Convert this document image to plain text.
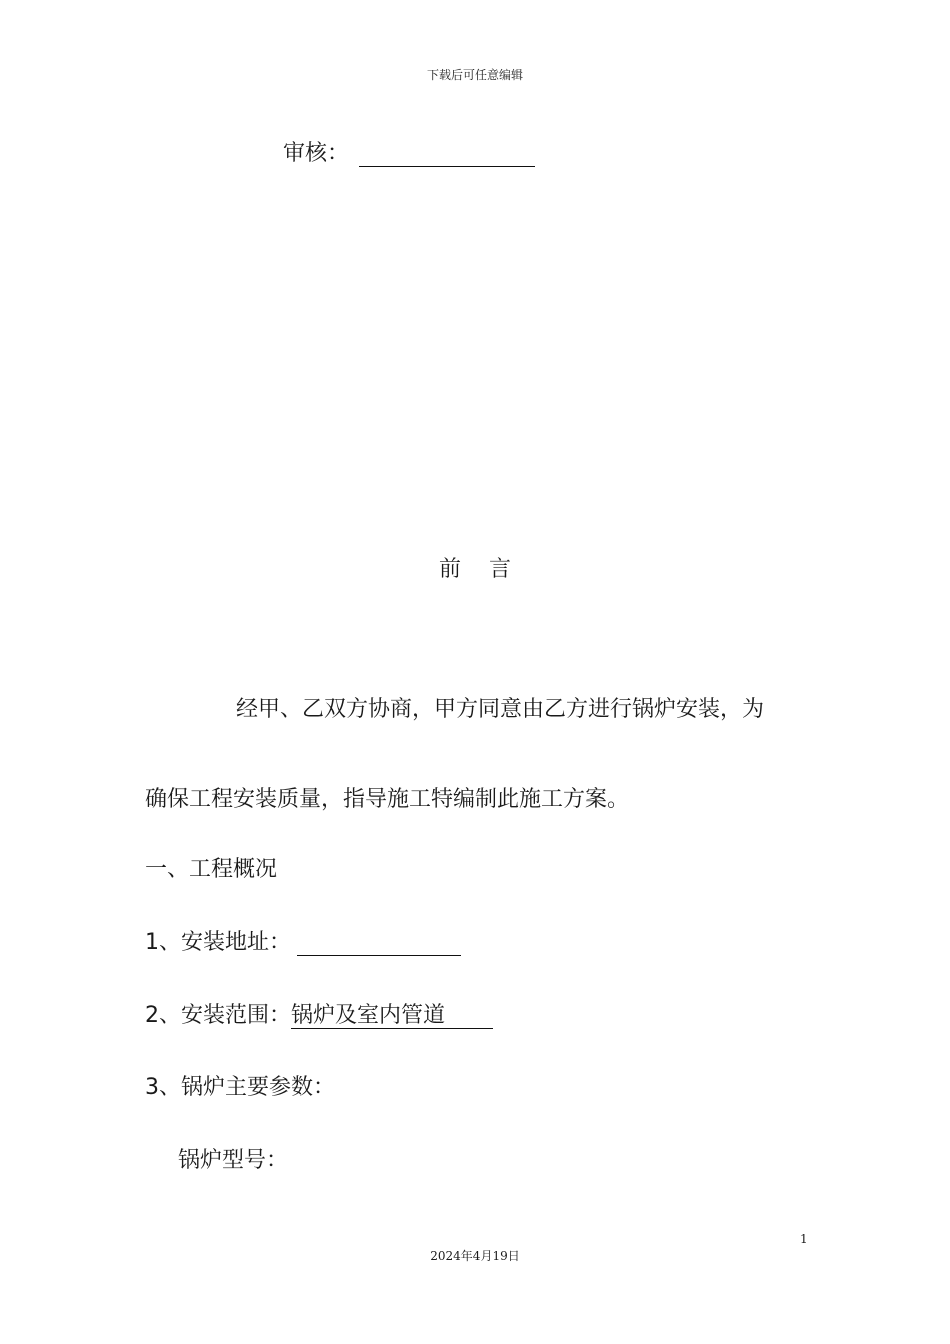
下载后可任意编辑
审核：
前 言
经甲、乙双方协商，甲方同意由乙方进行锅炉安装，为
确保工程安装质量，指导施工特编制此施工方案。
一、工程概况
1、安装地址：
2、安装范围：锅炉及室内管道
3、锅炉主要参数：
锅炉型号：
1
2024年4月19日
